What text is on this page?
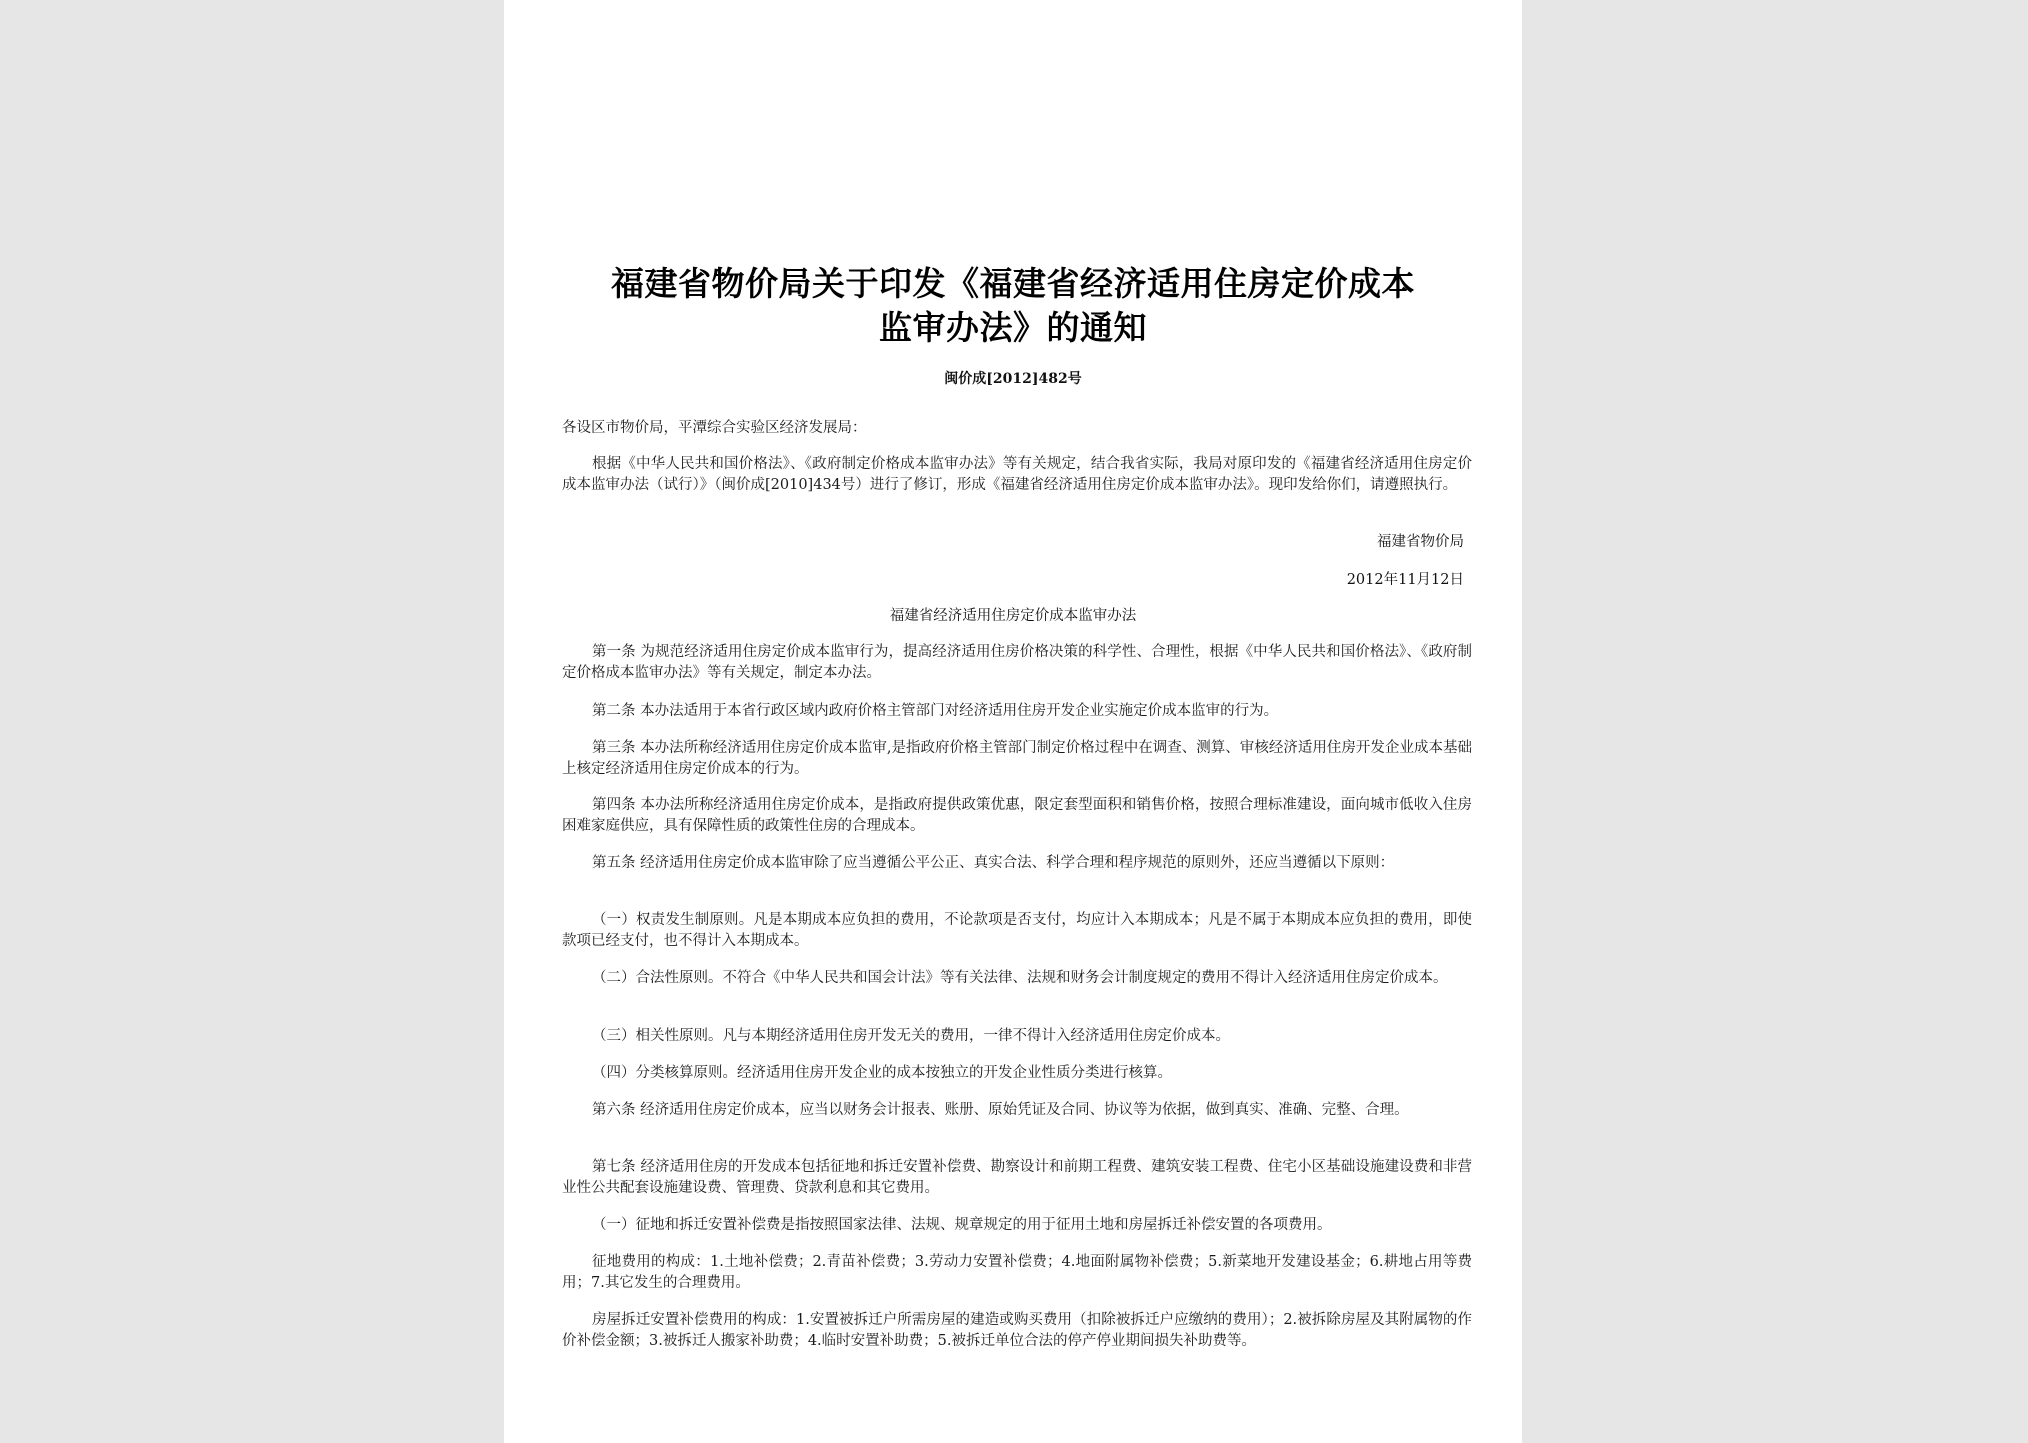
福建省物价局关于印发《福建省经济适用住房定价成本
监审办法》的通知
闽价成[2012]482号
各设区市物价局，平潭综合实验区经济发展局：
根据《中华人民共和国价格法》、《政府制定价格成本监审办法》等有关规定，结合我省实际，我局对原印发的《福建省经济适用住房定价成本监审办法（试行）》（闽价成[2010]434号）进行了修订，形成《福建省经济适用住房定价成本监审办法》。现印发给你们，请遵照执行。
福建省物价局
2012年11月12日
福建省经济适用住房定价成本监审办法
第一条 为规范经济适用住房定价成本监审行为，提高经济适用住房价格决策的科学性、合理性，根据《中华人民共和国价格法》、《政府制定价格成本监审办法》等有关规定，制定本办法。
第二条 本办法适用于本省行政区域内政府价格主管部门对经济适用住房开发企业实施定价成本监审的行为。
第三条 本办法所称经济适用住房定价成本监审,是指政府价格主管部门制定价格过程中在调查、测算、审核经济适用住房开发企业成本基础上核定经济适用住房定价成本的行为。
第四条 本办法所称经济适用住房定价成本，是指政府提供政策优惠，限定套型面积和销售价格，按照合理标准建设，面向城市低收入住房困难家庭供应，具有保障性质的政策性住房的合理成本。
第五条 经济适用住房定价成本监审除了应当遵循公平公正、真实合法、科学合理和程序规范的原则外，还应当遵循以下原则：
（一）权责发生制原则。凡是本期成本应负担的费用，不论款项是否支付，均应计入本期成本；凡是不属于本期成本应负担的费用，即使款项已经支付，也不得计入本期成本。
（二）合法性原则。不符合《中华人民共和国会计法》等有关法律、法规和财务会计制度规定的费用不得计入经济适用住房定价成本。
（三）相关性原则。凡与本期经济适用住房开发无关的费用，一律不得计入经济适用住房定价成本。
（四）分类核算原则。经济适用住房开发企业的成本按独立的开发企业性质分类进行核算。
第六条 经济适用住房定价成本，应当以财务会计报表、账册、原始凭证及合同、协议等为依据，做到真实、准确、完整、合理。
第七条 经济适用住房的开发成本包括征地和拆迁安置补偿费、勘察设计和前期工程费、建筑安装工程费、住宅小区基础设施建设费和非营业性公共配套设施建设费、管理费、贷款利息和其它费用。
（一）征地和拆迁安置补偿费是指按照国家法律、法规、规章规定的用于征用土地和房屋拆迁补偿安置的各项费用。
征地费用的构成：1.土地补偿费；2.青苗补偿费；3.劳动力安置补偿费；4.地面附属物补偿费；5.新菜地开发建设基金；6.耕地占用等费用；7.其它发生的合理费用。
房屋拆迁安置补偿费用的构成：1.安置被拆迁户所需房屋的建造或购买费用（扣除被拆迁户应缴纳的费用）；2.被拆除房屋及其附属物的作价补偿金额；3.被拆迁人搬家补助费；4.临时安置补助费；5.被拆迁单位合法的停产停业期间损失补助费等。
